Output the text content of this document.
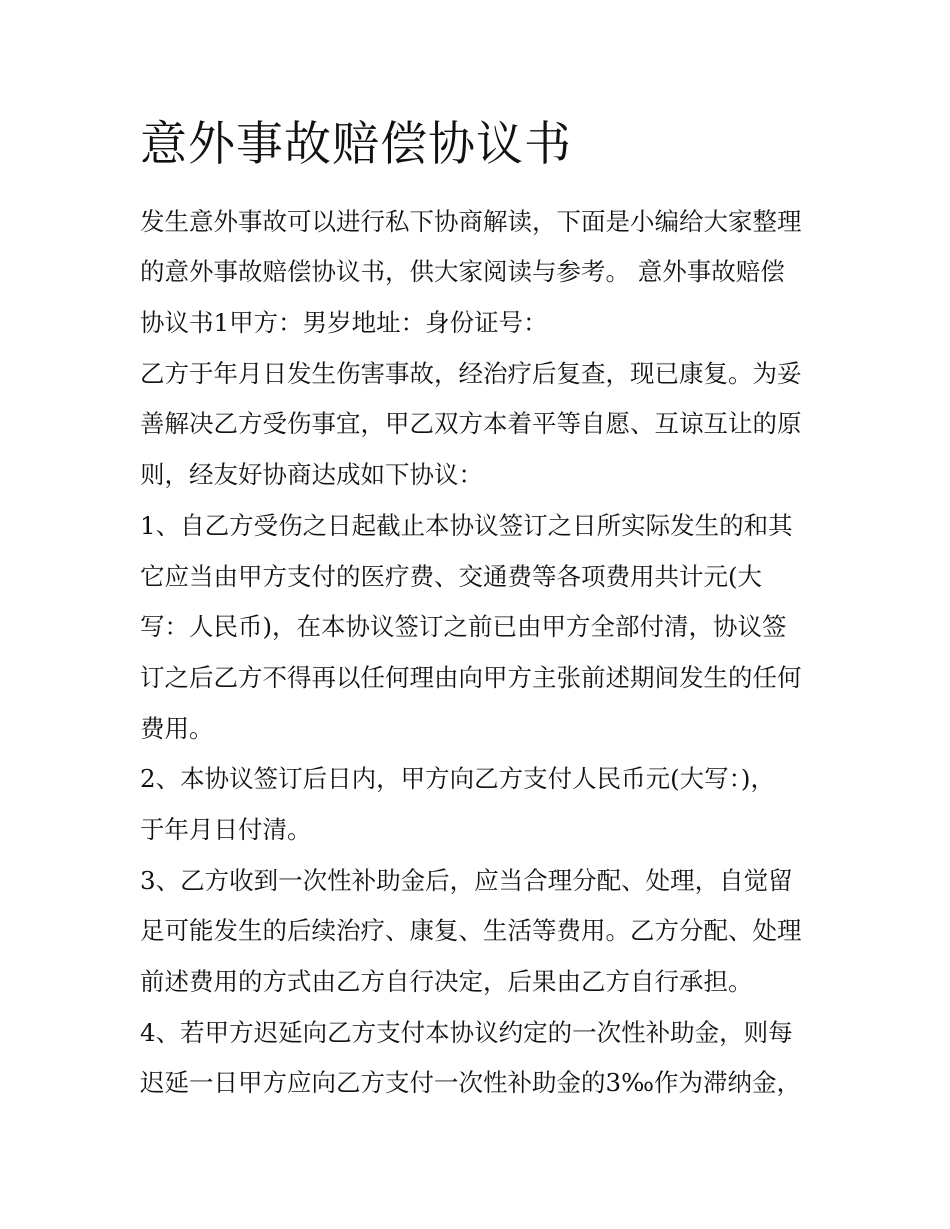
意外事故赔偿协议书

发生意外事故可以进行私下协商解读，下面是小编给大家整理

的意外事故赔偿协议书，供大家阅读与参考。 意外事故赔偿

协议书1甲方：男岁地址：身份证号：

乙方于年月日发生伤害事故，经治疗后复查，现已康复。为妥

善解决乙方受伤事宜，甲乙双方本着平等自愿、互谅互让的原

则，经友好协商达成如下协议：

1、自乙方受伤之日起截止本协议签订之日所实际发生的和其

它应当由甲方支付的医疗费、交通费等各项费用共计元(大

写：人民币)，在本协议签订之前已由甲方全部付清，协议签

订之后乙方不得再以任何理由向甲方主张前述期间发生的任何

费用。

2、本协议签订后日内，甲方向乙方支付人民币元(大写：)，

于年月日付清。

3、乙方收到一次性补助金后，应当合理分配、处理，自觉留

足可能发生的后续治疗、康复、生活等费用。乙方分配、处理

前述费用的方式由乙方自行决定，后果由乙方自行承担。

4、若甲方迟延向乙方支付本协议约定的一次性补助金，则每

迟延一日甲方应向乙方支付一次性补助金的3‰作为滞纳金，
